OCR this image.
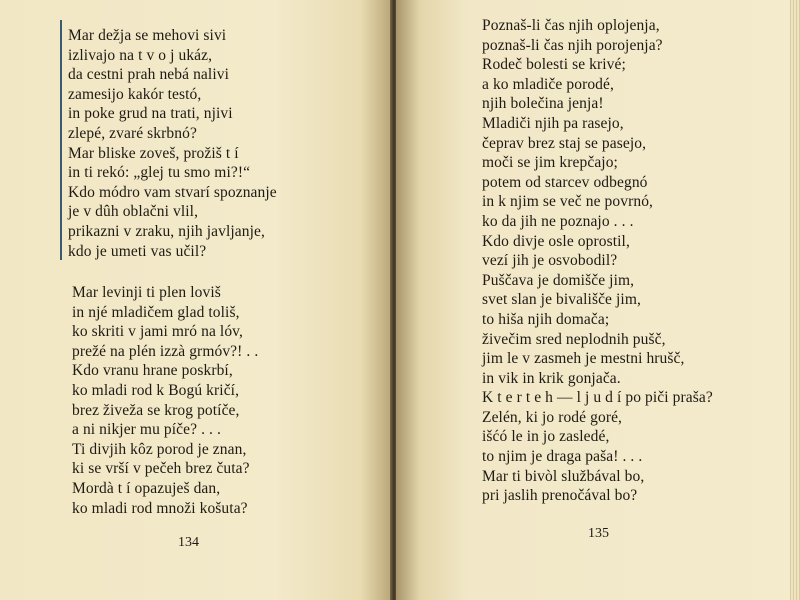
Mar dežja se mehovi sivi
izlivajo na t v o j ukáz,
da cestni prah nebá nalivi
zamesijo kakór testó,
in poke grud na trati, njivi
zlepé, zvaré skrbnó?
Mar bliske zoveš, prožiš t í
in ti rekó: „glej tu smo mi?!“
Kdo módro vam stvarí spoznanje
je v dûh oblačni vlil,
prikazni v zraku, njih javljanje,
kdo je umeti vas učil?
Mar levinji ti plen loviš
in njé mladičem glad toliš,
ko skriti v jami mró na lóv,
prežé na plén izzà grmóv?! . .
Kdo vranu hrane poskrbí,
ko mladi rod k Bogú kričí,
brez živeža se krog potíče,
a ni nikjer mu píče? . . .
Ti divjih kôz porod je znan,
ki se vrší v pečeh brez čuta?
Mordà t í opazuješ dan,
ko mladi rod množi košuta?
134
Poznaš-li čas njih oplojenja,
poznaš-li čas njih porojenja?
Rodeč bolesti se krivé;
a ko mladiče porodé,
njih bolečina jenja!
Mladiči njih pa rasejo,
čeprav brez staj se pasejo,
moči se jim krepčajo;
potem od starcev odbegnó
in k njim se več ne povrnó,
ko da jih ne poznajo . . .
Kdo divje osle oprostil,
vezí jih je osvobodil?
Puščava je domišče jim,
svet slan je bivališče jim,
to hiša njih domača;
živečim sred neplodnih pušč,
jim le v zasmeh je mestni hrušč,
in vik in krik gonjača.
K t e r t e h — l j u d í po piči praša?
Zelén, ki jo rodé goré,
išćó le in jo zasledé,
to njim je draga paša! . . .
Mar ti bivòl službával bo,
pri jaslih prenočával bo?
135
